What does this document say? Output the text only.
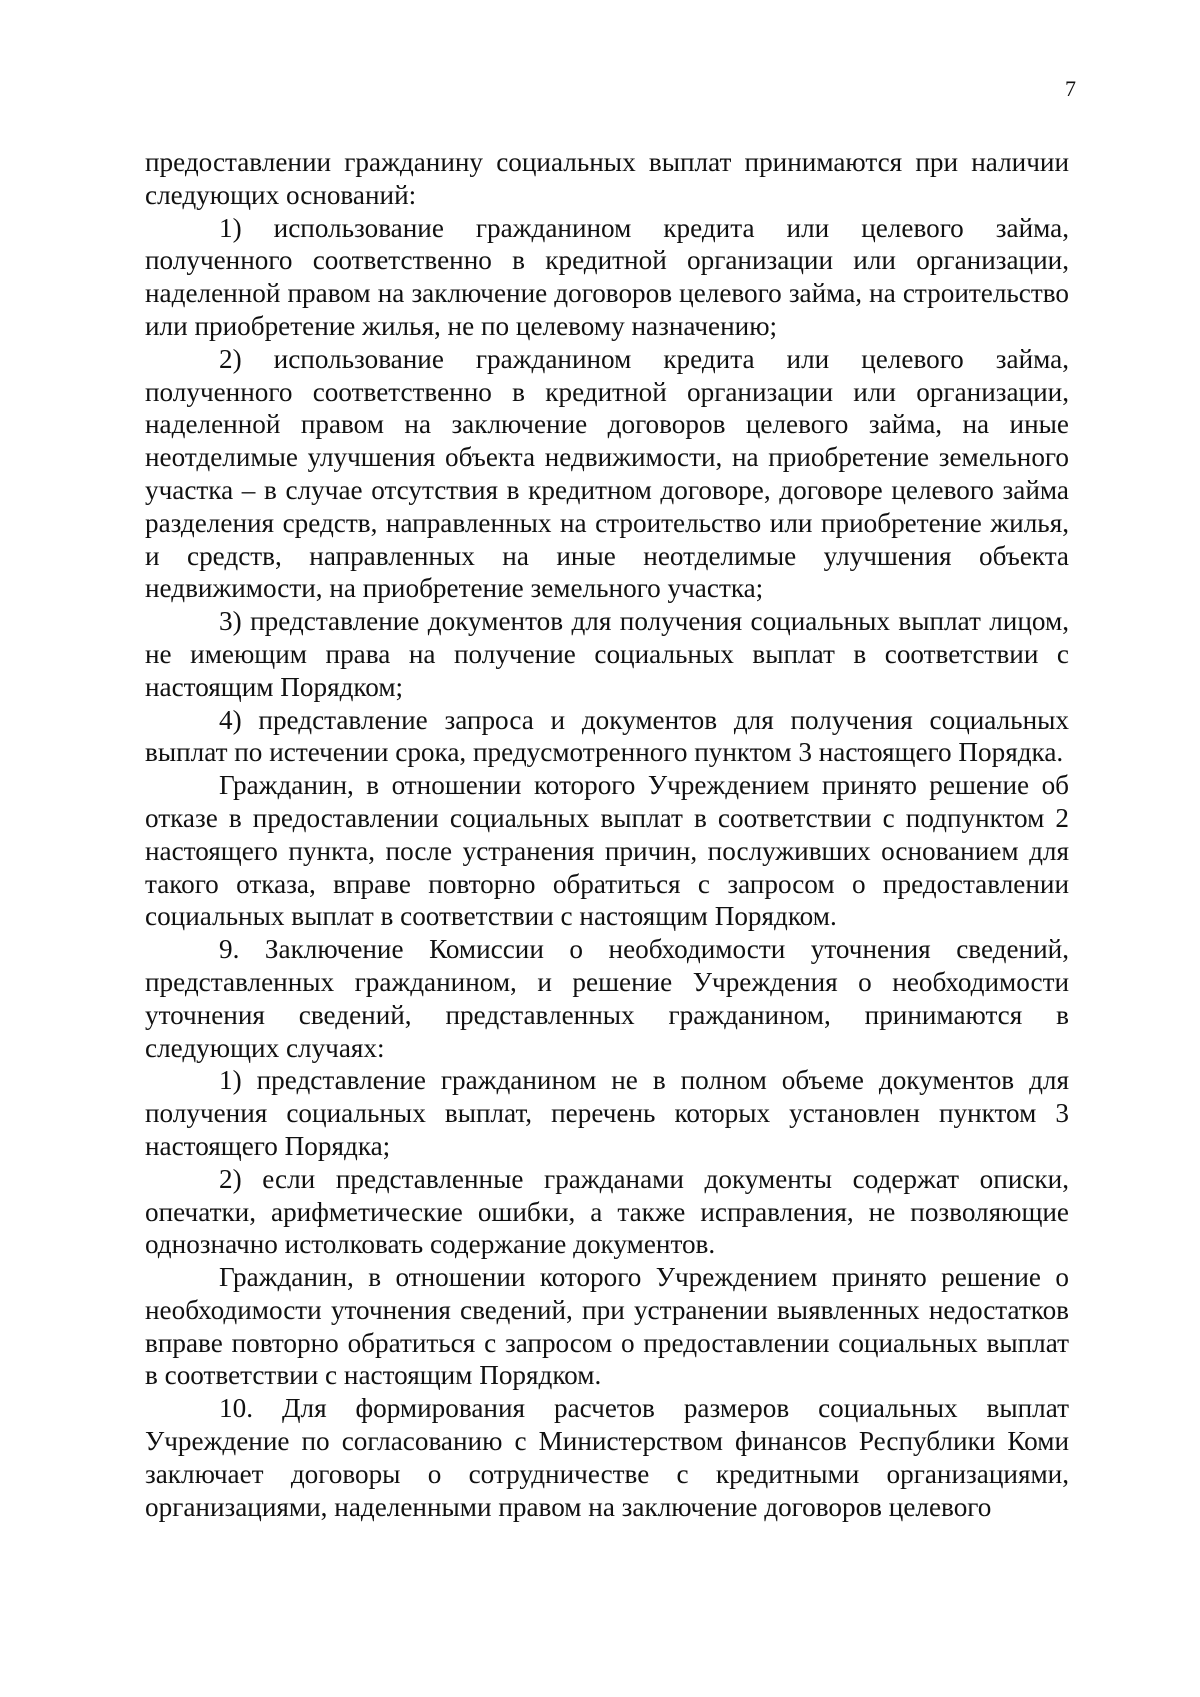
7

предоставлении гражданину социальных выплат принимаются при наличии следующих оснований:

1) использование гражданином кредита или целевого займа, полученного соответственно в кредитной организации или организации, наделенной правом на заключение договоров целевого займа, на строительство или приобретение жилья, не по целевому назначению;

2) использование гражданином кредита или целевого займа, полученного соответственно в кредитной организации или организации, наделенной правом на заключение договоров целевого займа, на иные неотделимые улучшения объекта недвижимости, на приобретение земельного участка – в случае отсутствия в кредитном договоре, договоре целевого займа разделения средств, направленных на строительство или приобретение жилья, и средств, направленных на иные неотделимые улучшения объекта недвижимости, на приобретение земельного участка;

3) представление документов для получения социальных выплат лицом, не имеющим права на получение социальных выплат в соответствии с настоящим Порядком;

4) представление запроса и документов для получения социальных выплат по истечении срока, предусмотренного пунктом 3 настоящего Порядка.

Гражданин, в отношении которого Учреждением принято решение об отказе в предоставлении социальных выплат в соответствии с подпунктом 2 настоящего пункта, после устранения причин, послуживших основанием для такого отказа, вправе повторно обратиться с запросом о предоставлении социальных выплат в соответствии с настоящим Порядком.

9. Заключение Комиссии о необходимости уточнения сведений, представленных гражданином, и решение Учреждения о необходимости уточнения сведений, представленных гражданином, принимаются в следующих случаях:

1) представление гражданином не в полном объеме документов для получения социальных выплат, перечень которых установлен пунктом 3 настоящего Порядка;

2) если представленные гражданами документы содержат описки, опечатки, арифметические ошибки, а также исправления, не позволяющие однозначно истолковать содержание документов.

Гражданин, в отношении которого Учреждением принято решение о необходимости уточнения сведений, при устранении выявленных недостатков вправе повторно обратиться с запросом о предоставлении социальных выплат в соответствии с настоящим Порядком.

10. Для формирования расчетов размеров социальных выплат Учреждение по согласованию с Министерством финансов Республики Коми заключает договоры о сотрудничестве с кредитными организациями, организациями, наделенными правом на заключение договоров целевого
